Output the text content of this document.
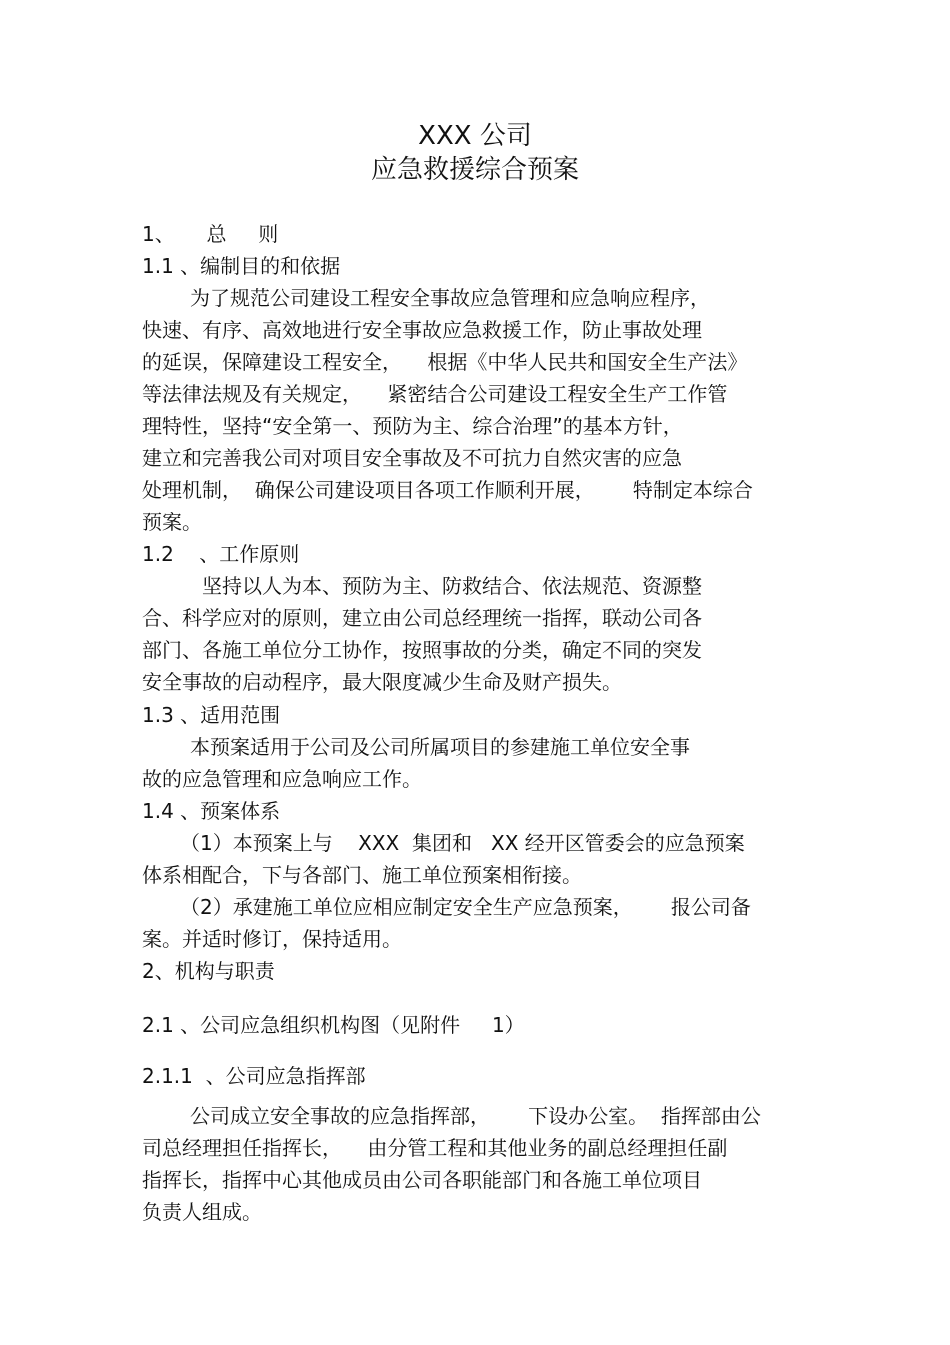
XXX 公司
应急救援综合预案
1、     总     则
1.1 、编制目的和依据
为了规范公司建设工程安全事故应急管理和应急响应程序，
快速、有序、高效地进行安全事故应急救援工作，防止事故处理
的延误，保障建设工程安全，    根据《中华人民共和国安全生产法》
等法律法规及有关规定，    紧密结合公司建设工程安全生产工作管
理特性，坚持“安全第一、预防为主、综合治理”的基本方针，
建立和完善我公司对项目安全事故及不可抗力自然灾害的应急
处理机制，  确保公司建设项目各项工作顺利开展，      特制定本综合
预案。
1.2    、工作原则
坚持以人为本、预防为主、防救结合、依法规范、资源整
合、科学应对的原则，建立由公司总经理统一指挥，联动公司各
部门、各施工单位分工协作，按照事故的分类，确定不同的突发
安全事故的启动程序，最大限度减少生命及财产损失。
1.3 、适用范围
本预案适用于公司及公司所属项目的参建施工单位安全事
故的应急管理和应急响应工作。
1.4 、预案体系
（1）本预案上与    XXX  集团和   XX 经开区管委会的应急预案
体系相配合，下与各部门、施工单位预案相衔接。
（2）承建施工单位应相应制定安全生产应急预案，      报公司备
案。并适时修订，保持适用。
2、机构与职责
2.1 、公司应急组织机构图（见附件     1）
2.1.1  、公司应急指挥部
公司成立安全事故的应急指挥部，      下设办公室。  指挥部由公
司总经理担任指挥长，    由分管工程和其他业务的副总经理担任副
指挥长，指挥中心其他成员由公司各职能部门和各施工单位项目
负责人组成。
